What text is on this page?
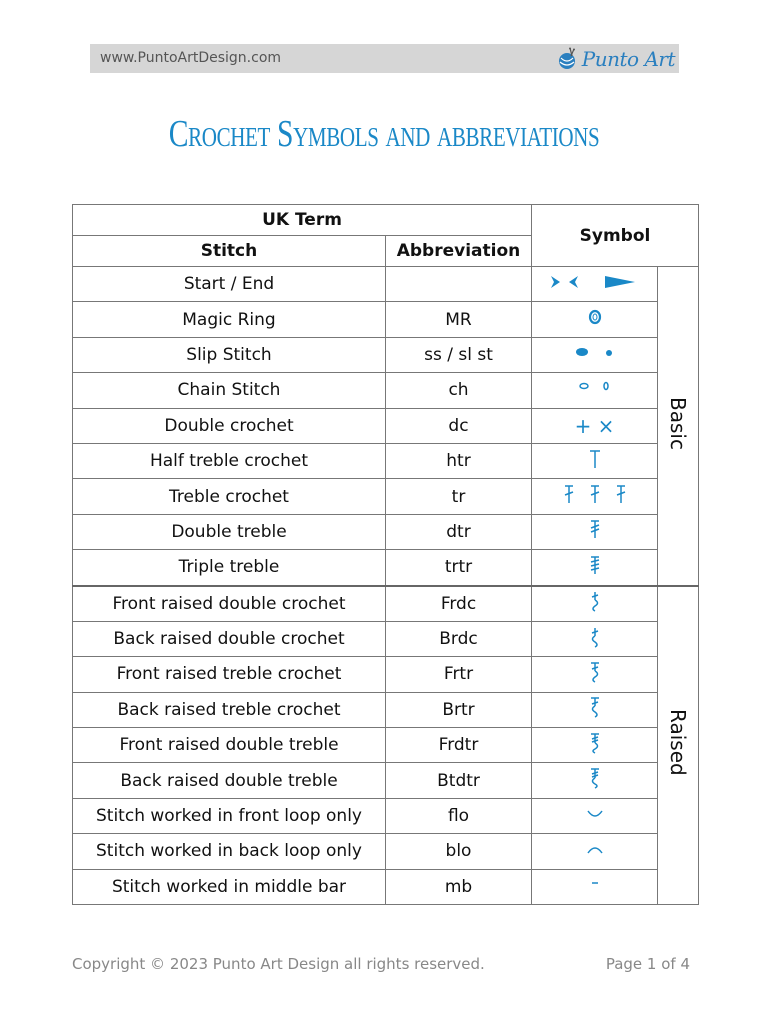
www.PuntoArtDesign.com	Punto Art
Crochet Symbols and abbreviations
UK Term		Symbol	
Stitch	Abbreviation		
Start / End			Basic
Magic Ring	MR	
Slip Stitch	ss / sl st	
Chain Stitch	ch	
Double crochet	dc	+ ×	
Half treble crochet	htr	
Treble crochet	tr	
Double treble	dtr	
Triple treble	trtr	
Front raised double crochet	Frdc		Raised
Back raised double crochet	Brdc	
Front raised treble crochet	Frtr	
Back raised treble crochet	Brtr	
Front raised double treble	Frdtr	
Back raised double treble	Btdtr	
Stitch worked in front loop only	flo	
Stitch worked in back loop only	blo	
Stitch worked in middle bar	mb	
Copyright © 2023 Punto Art Design all rights reserved.	Page 1 of 4
